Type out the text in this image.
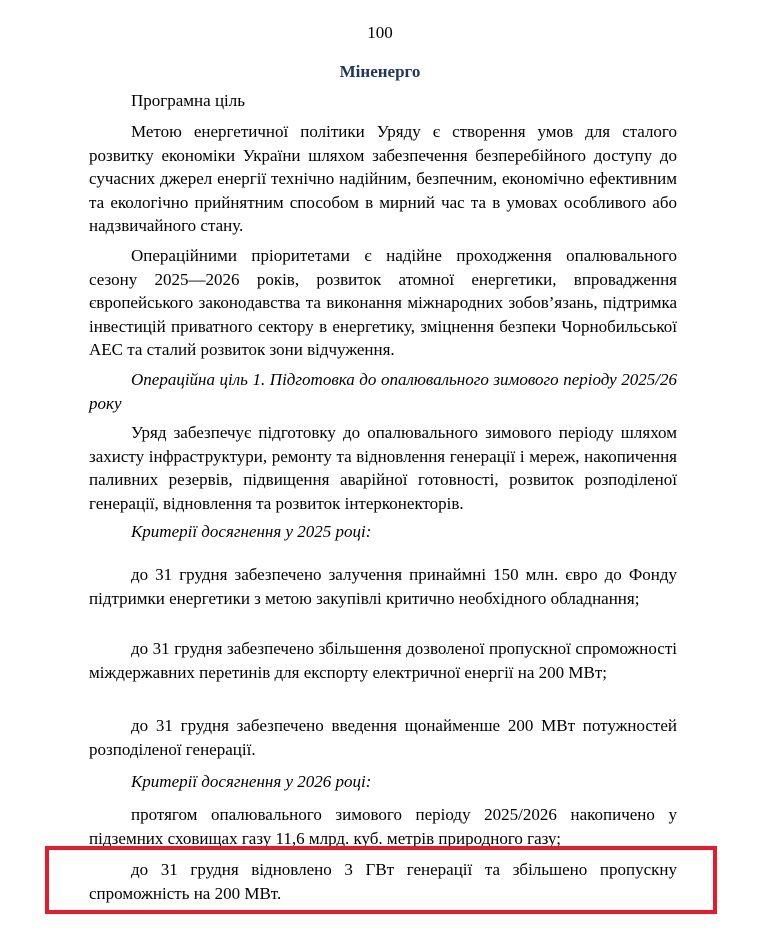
100
Міненерго

Програмна ціль

Метою енергетичної політики Уряду є створення умов для сталого розвитку економіки України шляхом забезпечення безперебійного доступу до сучасних джерел енергії технічно надійним, безпечним, економічно ефективним та екологічно прийнятним способом в мирний час та в умовах особливого або надзвичайного стану.

Операційними пріоритетами є надійне проходження опалювального сезону 2025—2026 років, розвиток атомної енергетики, впровадження європейського законодавства та виконання міжнародних зобов’язань, підтримка інвестицій приватного сектору в енергетику, зміцнення безпеки Чорнобильської АЕС та сталий розвиток зони відчуження.

Операційна ціль 1. Підготовка до опалювального зимового періоду 2025/26 року

Уряд забезпечує підготовку до опалювального зимового періоду шляхом захисту інфраструктури, ремонту та відновлення генерації і мереж, накопичення паливних резервів, підвищення аварійної готовності, розвиток розподіленої генерації, відновлення та розвиток інтерконекторів.

Критерії досягнення у 2025 році:

до 31 грудня забезпечено залучення принаймні 150 млн. євро до Фонду підтримки енергетики з метою закупівлі критично необхідного обладнання;

до 31 грудня забезпечено збільшення дозволеної пропускної спроможності міждержавних перетинів для експорту електричної енергії на 200 МВт;

до 31 грудня забезпечено введення щонайменше 200 МВт потужностей розподіленої генерації.

Критерії досягнення у 2026 році:

протягом опалювального зимового періоду 2025/2026 накопичено у підземних сховищах газу 11,6 млрд. куб. метрів природного газу;

до 31 грудня відновлено 3 ГВт генерації та збільшено пропускну спроможність на 200 МВт.
